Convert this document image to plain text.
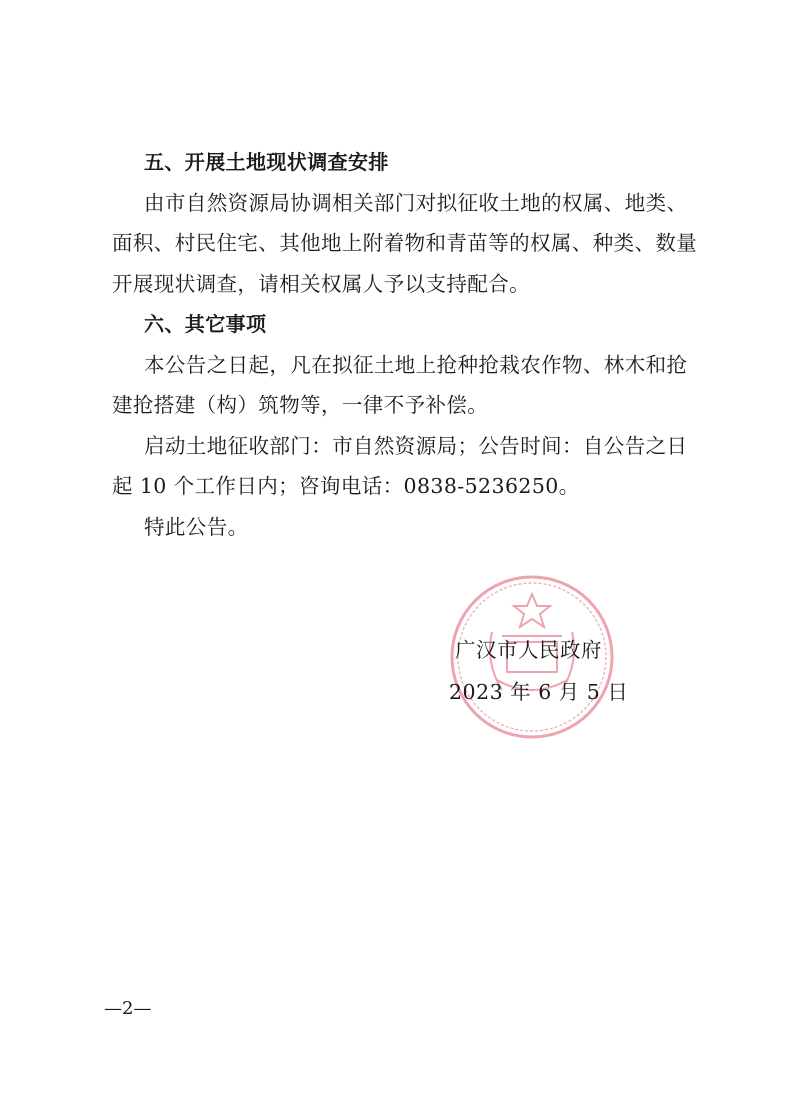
五、开展土地现状调查安排
由市自然资源局协调相关部门对拟征收土地的权属、地类、
面积、村民住宅、其他地上附着物和青苗等的权属、种类、数量
开展现状调查，请相关权属人予以支持配合。
六、其它事项
本公告之日起，凡在拟征土地上抢种抢栽农作物、林木和抢
建抢搭建（构）筑物等，一律不予补偿。
启动土地征收部门：市自然资源局；公告时间：自公告之日
起 10 个工作日内；咨询电话：0838-5236250。
特此公告。
广汉市人民政府
2023 年 6 月 5 日
—2—
